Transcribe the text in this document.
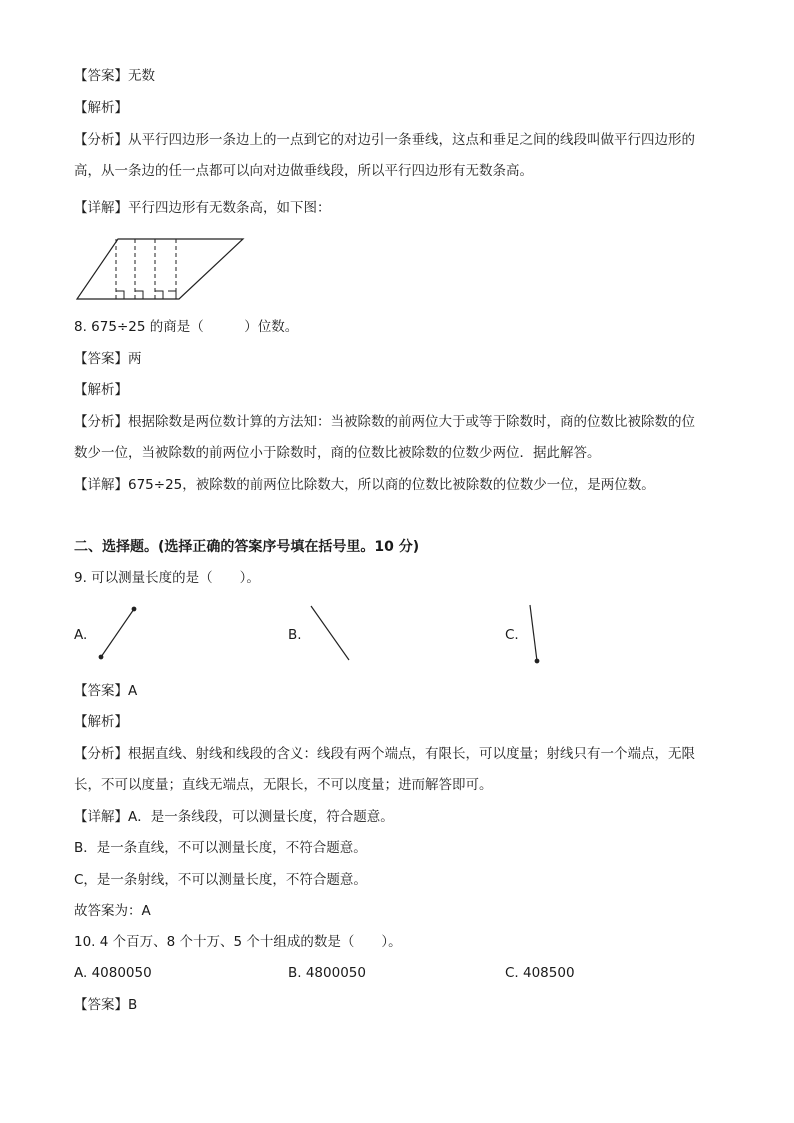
【答案】无数
【解析】
【分析】从平行四边形一条边上的一点到它的对边引一条垂线，这点和垂足之间的线段叫做平行四边形的
高，从一条边的任一点都可以向对边做垂线段，所以平行四边形有无数条高。
【详解】平行四边形有无数条高，如下图：
8. 675÷25 的商是（　　　）位数。
【答案】两
【解析】
【分析】根据除数是两位数计算的方法知：当被除数的前两位大于或等于除数时，商的位数比被除数的位
数少一位，当被除数的前两位小于除数时，商的位数比被除数的位数少两位．据此解答。
【详解】675÷25，被除数的前两位比除数大，所以商的位数比被除数的位数少一位，是两位数。
二、选择题。(选择正确的答案序号填在括号里。10 分)
9. 可以测量长度的是（　　）。
A.	B.	C.
【答案】A
【解析】
【分析】根据直线、射线和线段的含义：线段有两个端点，有限长，可以度量；射线只有一个端点，无限
长，不可以度量；直线无端点，无限长，不可以度量；进而解答即可。
【详解】A．是一条线段，可以测量长度，符合题意。
B．是一条直线，不可以测量长度，不符合题意。
C，是一条射线，不可以测量长度，不符合题意。
故答案为：A
10. 4 个百万、8 个十万、5 个十组成的数是（　　）。
A. 4080050	B. 4800050	C. 408500
【答案】B
